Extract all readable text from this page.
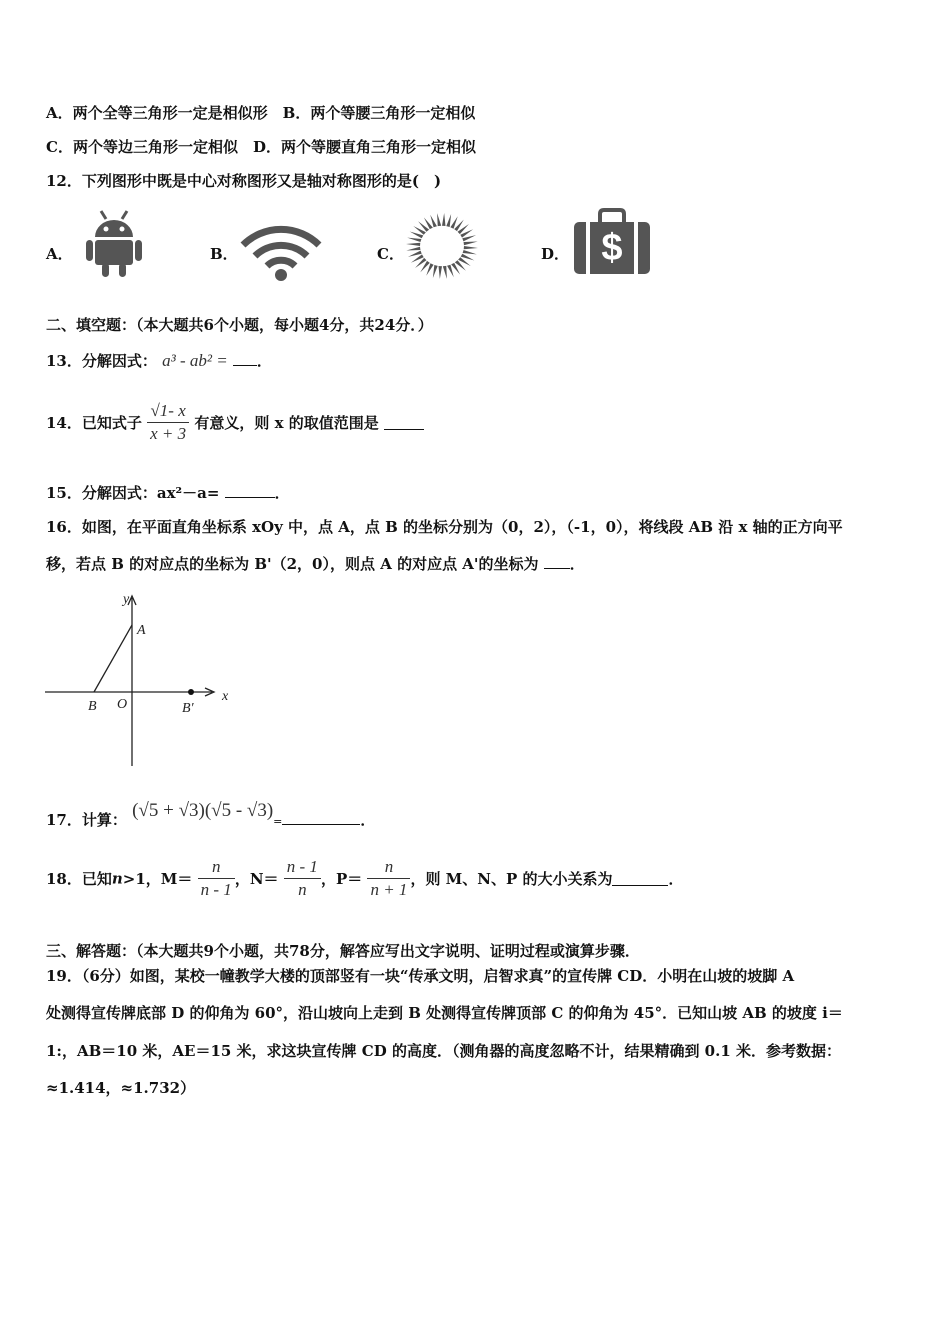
A．两个全等三角形一定是相似形　B．两个等腰三角形一定相似
C．两个等边三角形一定相似　D．两个等腰直角三角形一定相似
12．下列图形中既是中心对称图形又是轴对称图形的是(　)
A．	B．	C．	D． $
二、填空题：（本大题共6个小题，每小题4分，共24分．）
13．分解因式： a³ - ab² = ．
14．已知式子 $\frac{√1- x}{x + 3}$ 有意义，则 x 的取值范围是
15．分解因式：ax²－a=	．
16．如图，在平面直角坐标系 xOy 中，点 A，点 B 的坐标分别为（0，2），（-1，0），将线段 AB 沿 x 轴的正方向平
移，若点 B 的对应点的坐标为 B'（2，0），则点 A 的对应点 A'的坐标为 ．
y
x
A
B O	B′
17．计算： $(√5 + √3)(√5 - √3)_=$	．
18．已知n>1，$M= \frac{n}{n - 1}$ ，$N= \frac{n - 1}{n}$ ，$P= \frac{n}{n + 1}$ ，则 M、N、P 的大小关系为	．
三、解答题：（本大题共9个小题，共78分，解答应写出文字说明、证明过程或演算步骤．
19．（6分）如图，某校一幢教学大楼的顶部竖有一块“传承文明，启智求真”的宣传牌 CD．小明在山坡的坡脚 A
处测得宣传牌底部 D 的仰角为 60°，沿山坡向上走到 B 处测得宣传牌顶部 C 的仰角为 45°．已知山坡 AB 的坡度 i＝
1:，AB＝10 米，AE＝15 米，求这块宣传牌 CD 的高度．（测角器的高度忽略不计，结果精确到 0.1 米．参考数据：
≈1.414，≈1.732）
